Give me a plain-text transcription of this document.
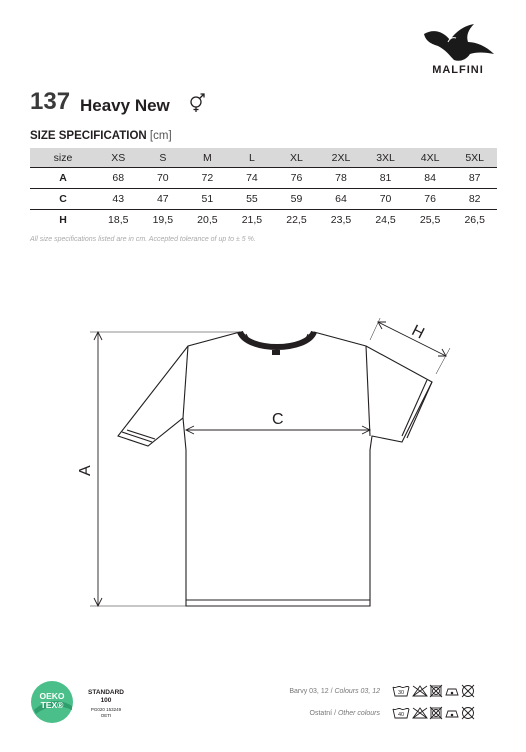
MALFINI
137 Heavy New
SIZE SPECIFICATION [cm]
size	XS	S	M	L	XL	2XL	3XL	4XL	5XL
A	68	70	72	74	76	78	81	84	87
C	43	47	51	55	59	64	70	76	82
H	18,5	19,5	20,5	21,5	22,5	23,5	24,5	25,5	26,5
All size specifications listed are in cm. Accepted tolerance of up to ± 5 %.
A
C
H
OEKO
TEX®
STANDARD
100
PG020 153249
OETI
Barvy 03, 12 / Colours 03, 12
Ostatní / Other colours
30
40
